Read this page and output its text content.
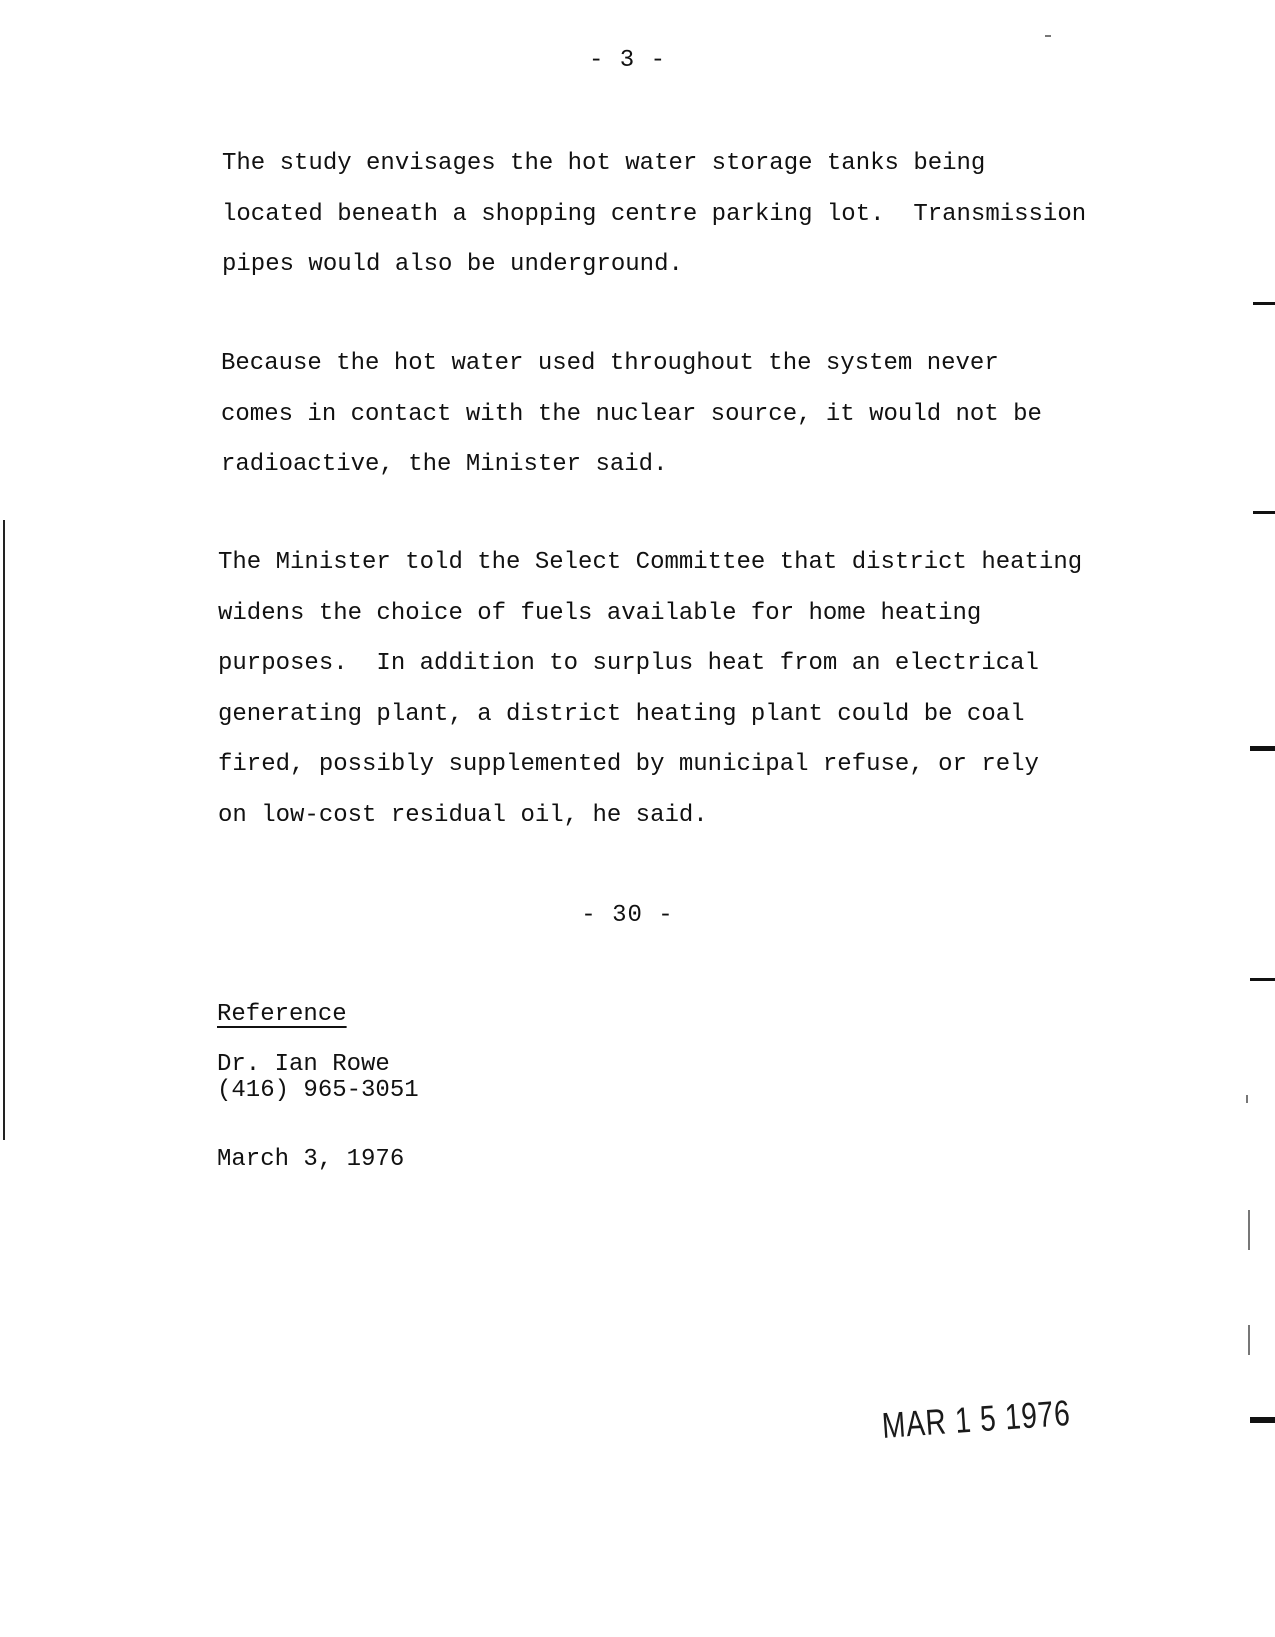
- 3 -
The study envisages the hot water storage tanks being
located beneath a shopping centre parking lot.  Transmission
pipes would also be underground.
Because the hot water used throughout the system never
comes in contact with the nuclear source, it would not be
radioactive, the Minister said.
The Minister told the Select Committee that district heating
widens the choice of fuels available for home heating
purposes.  In addition to surplus heat from an electrical
generating plant, a district heating plant could be coal
fired, possibly supplemented by municipal refuse, or rely
on low-cost residual oil, he said.
- 30 -
Reference
Dr. Ian Rowe
(416) 965-3051
March 3, 1976
MAR 1 5 1976
